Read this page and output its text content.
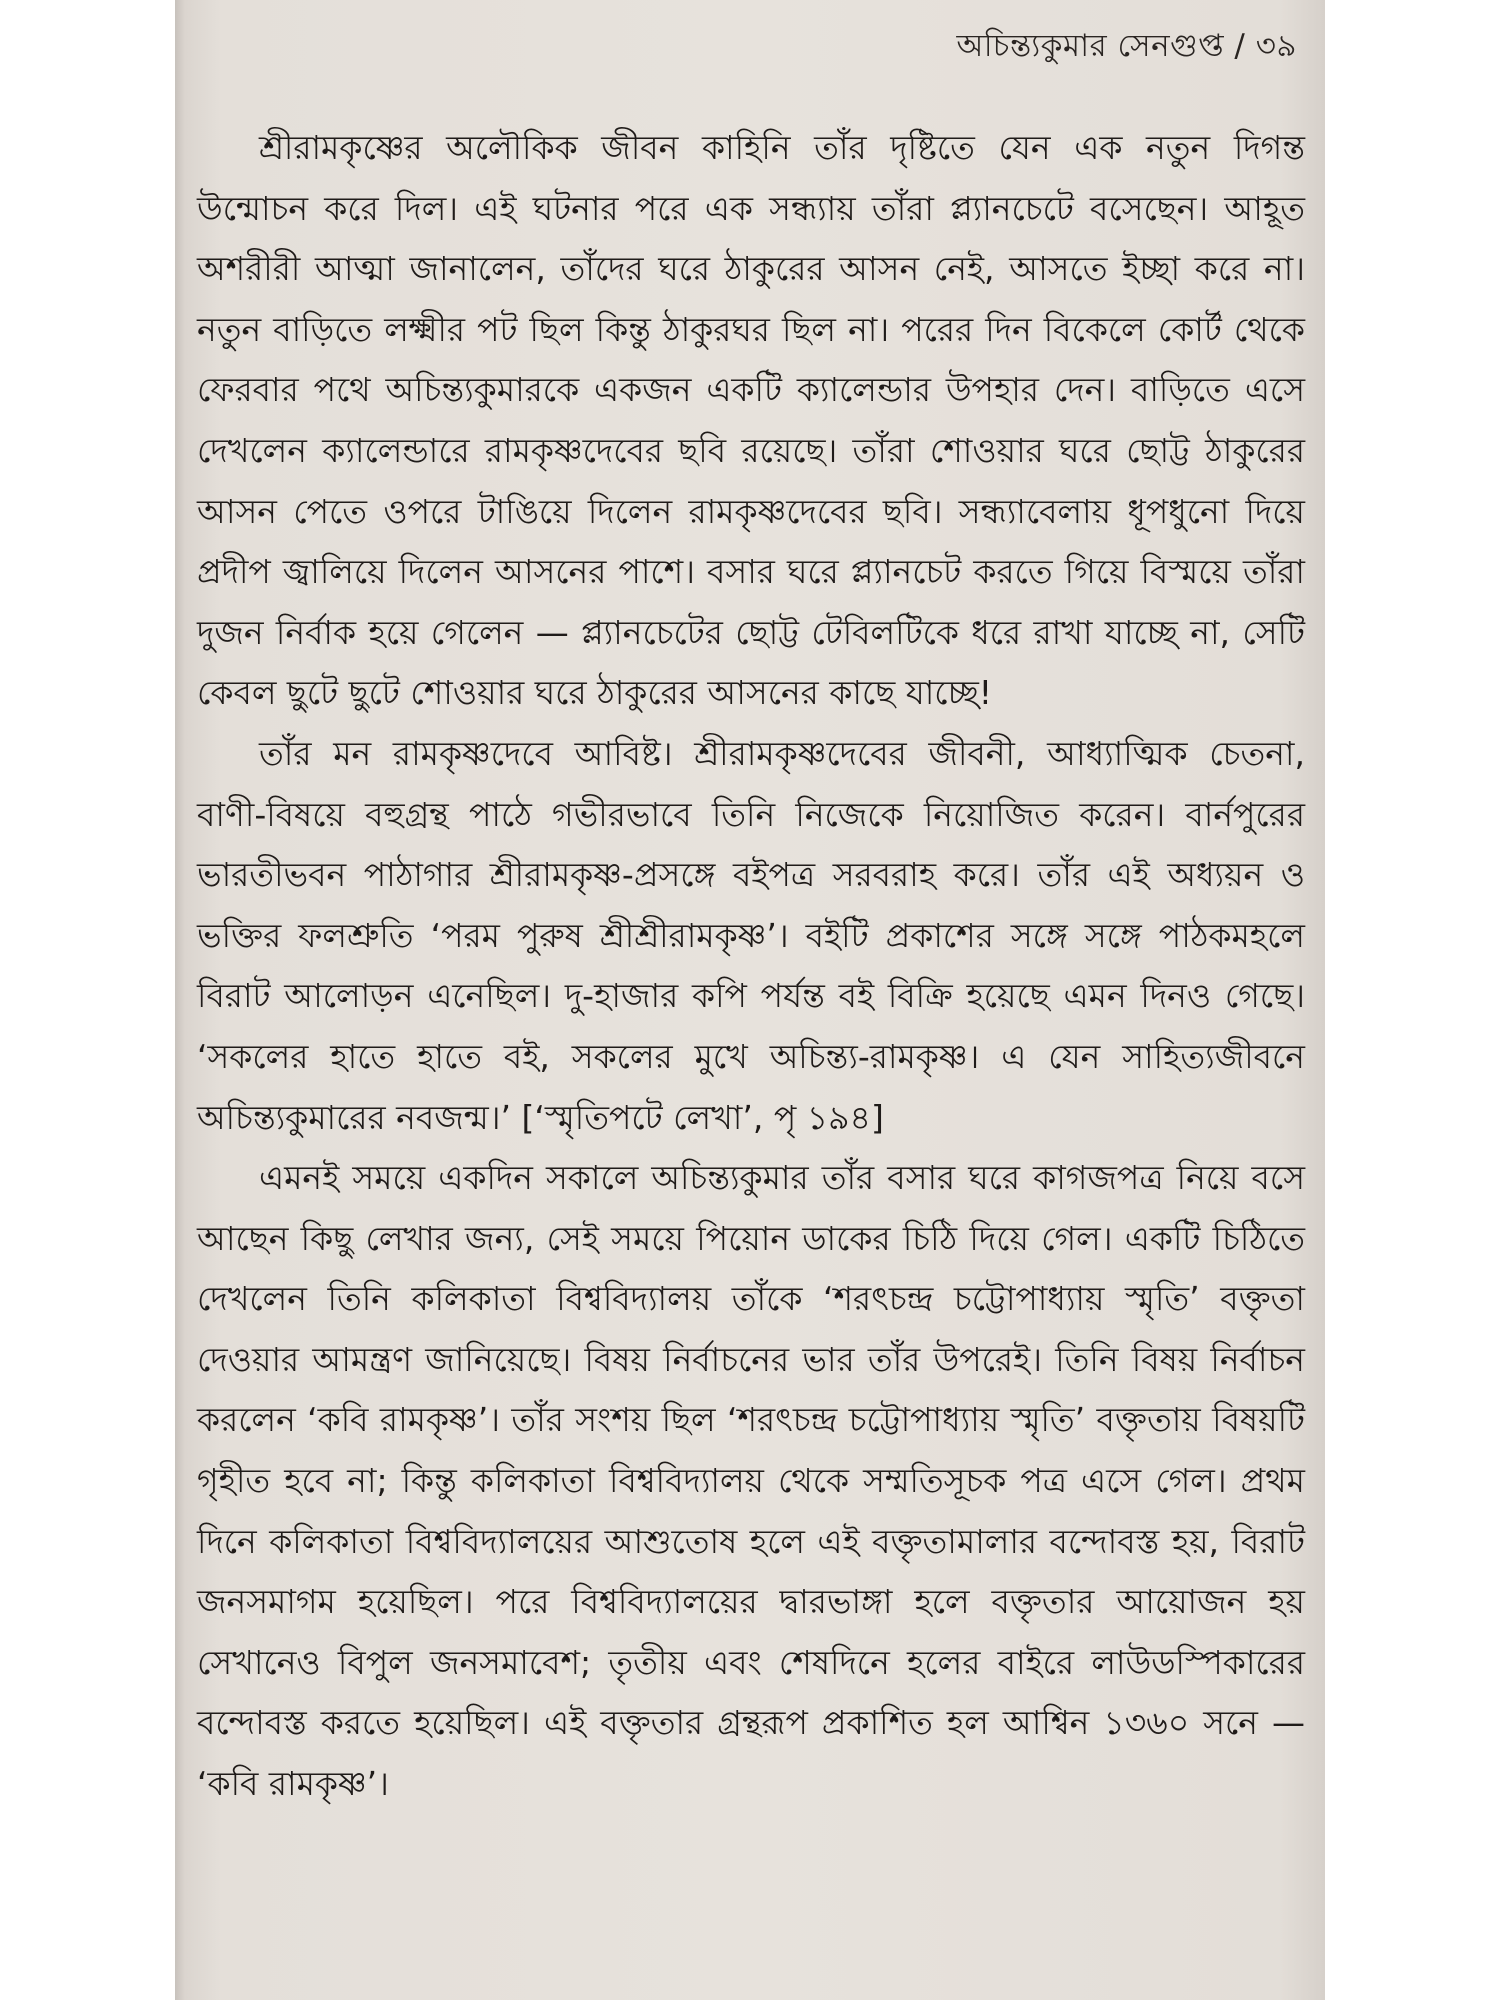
অচিন্ত্যকুমার সেনগুপ্ত / ৩৯

শ্রীরামকৃষ্ণের অলৌকিক জীবন কাহিনি তাঁর দৃষ্টিতে যেন এক নতুন দিগন্ত উন্মোচন করে দিল। এই ঘটনার পরে এক সন্ধ্যায় তাঁরা প্ল্যানচেটে বসেছেন। আহূত অশরীরী আত্মা জানালেন, তাঁদের ঘরে ঠাকুরের আসন নেই, আসতে ইচ্ছা করে না। নতুন বাড়িতে লক্ষ্মীর পট ছিল কিন্তু ঠাকুরঘর ছিল না। পরের দিন বিকেলে কোর্ট থেকে ফেরবার পথে অচিন্ত্যকুমারকে একজন একটি ক্যালেন্ডার উপহার দেন। বাড়িতে এসে দেখলেন ক্যালেন্ডারে রামকৃষ্ণদেবের ছবি রয়েছে। তাঁরা শোওয়ার ঘরে ছোট্ট ঠাকুরের আসন পেতে ওপরে টাঙিয়ে দিলেন রামকৃষ্ণদেবের ছবি। সন্ধ্যাবেলায় ধূপধুনো দিয়ে প্রদীপ জ্বালিয়ে দিলেন আসনের পাশে। বসার ঘরে প্ল্যানচেট করতে গিয়ে বিস্ময়ে তাঁরা দুজন নির্বাক হয়ে গেলেন — প্ল্যানচেটের ছোট্ট টেবিলটিকে ধরে রাখা যাচ্ছে না, সেটি কেবল ছুটে ছুটে শোওয়ার ঘরে ঠাকুরের আসনের কাছে যাচ্ছে!

তাঁর মন রামকৃষ্ণদেবে আবিষ্ট। শ্রীরামকৃষ্ণদেবের জীবনী, আধ্যাত্মিক চেতনা, বাণী-বিষয়ে বহুগ্রন্থ পাঠে গভীরভাবে তিনি নিজেকে নিয়োজিত করেন। বার্নপুরের ভারতীভবন পাঠাগার শ্রীরামকৃষ্ণ-প্রসঙ্গে বইপত্র সরবরাহ করে। তাঁর এই অধ্যয়ন ও ভক্তির ফলশ্রুতি ‘পরম পুরুষ শ্রীশ্রীরামকৃষ্ণ’। বইটি প্রকাশের সঙ্গে সঙ্গে পাঠকমহলে বিরাট আলোড়ন এনেছিল। দু-হাজার কপি পর্যন্ত বই বিক্রি হয়েছে এমন দিনও গেছে। ‘সকলের হাতে হাতে বই, সকলের মুখে অচিন্ত্য-রামকৃষ্ণ। এ যেন সাহিত্যজীবনে অচিন্ত্যকুমারের নবজন্ম।’ [‘স্মৃতিপটে লেখা’, পৃ ১৯৪]

এমনই সময়ে একদিন সকালে অচিন্ত্যকুমার তাঁর বসার ঘরে কাগজপত্র নিয়ে বসে আছেন কিছু লেখার জন্য, সেই সময়ে পিয়োন ডাকের চিঠি দিয়ে গেল। একটি চিঠিতে দেখলেন তিনি কলিকাতা বিশ্ববিদ্যালয় তাঁকে ‘শরৎচন্দ্র চট্টোপাধ্যায় স্মৃতি’ বক্তৃতা দেওয়ার আমন্ত্রণ জানিয়েছে। বিষয় নির্বাচনের ভার তাঁর উপরেই। তিনি বিষয় নির্বাচন করলেন ‘কবি রামকৃষ্ণ’। তাঁর সংশয় ছিল ‘শরৎচন্দ্র চট্টোপাধ্যায় স্মৃতি’ বক্তৃতায় বিষয়টি গৃহীত হবে না; কিন্তু কলিকাতা বিশ্ববিদ্যালয় থেকে সম্মতিসূচক পত্র এসে গেল। প্রথম দিনে কলিকাতা বিশ্ববিদ্যালয়ের আশুতোষ হলে এই বক্তৃতামালার বন্দোবস্ত হয়, বিরাট জনসমাগম হয়েছিল। পরে বিশ্ববিদ্যালয়ের দ্বারভাঙ্গা হলে বক্তৃতার আয়োজন হয় সেখানেও বিপুল জনসমাবেশ; তৃতীয় এবং শেষদিনে হলের বাইরে লাউডস্পিকারের বন্দোবস্ত করতে হয়েছিল। এই বক্তৃতার গ্রন্থরূপ প্রকাশিত হল আশ্বিন ১৩৬০ সনে — ‘কবি রামকৃষ্ণ’।
